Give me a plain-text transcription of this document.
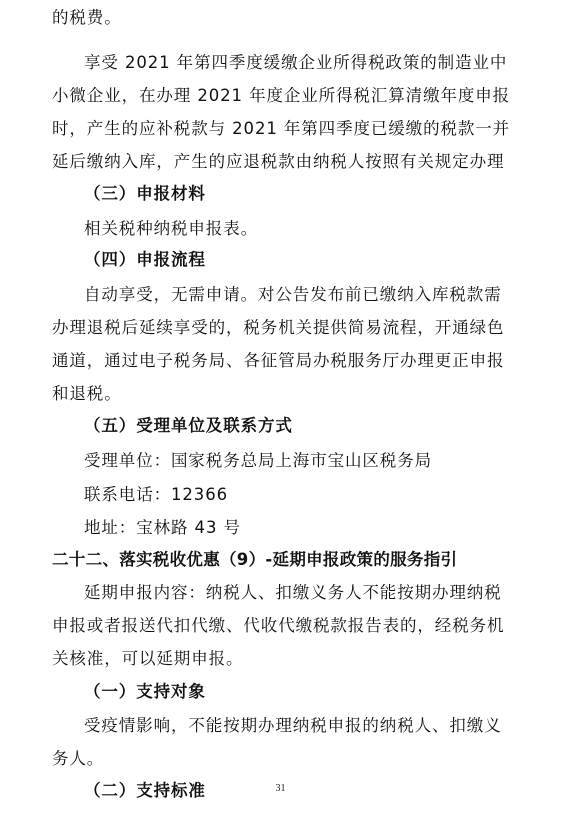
的税费。
享受 2021 年第四季度缓缴企业所得税政策的制造业中
小微企业，在办理 2021 年度企业所得税汇算清缴年度申报
时，产生的应补税款与 2021 年第四季度已缓缴的税款一并
延后缴纳入库，产生的应退税款由纳税人按照有关规定办理
（三）申报材料
相关税种纳税申报表。
（四）申报流程
自动享受，无需申请。对公告发布前已缴纳入库税款需
办理退税后延续享受的，税务机关提供简易流程，开通绿色
通道，通过电子税务局、各征管局办税服务厅办理更正申报
和退税。
（五）受理单位及联系方式
受理单位：国家税务总局上海市宝山区税务局
联系电话：12366
地址：宝林路 43 号
二十二、落实税收优惠（9）-延期申报政策的服务指引
延期申报内容：纳税人、扣缴义务人不能按期办理纳税
申报或者报送代扣代缴、代收代缴税款报告表的，经税务机
关核准，可以延期申报。
（一）支持对象
受疫情影响，不能按期办理纳税申报的纳税人、扣缴义
务人。
（二）支持标准	31
